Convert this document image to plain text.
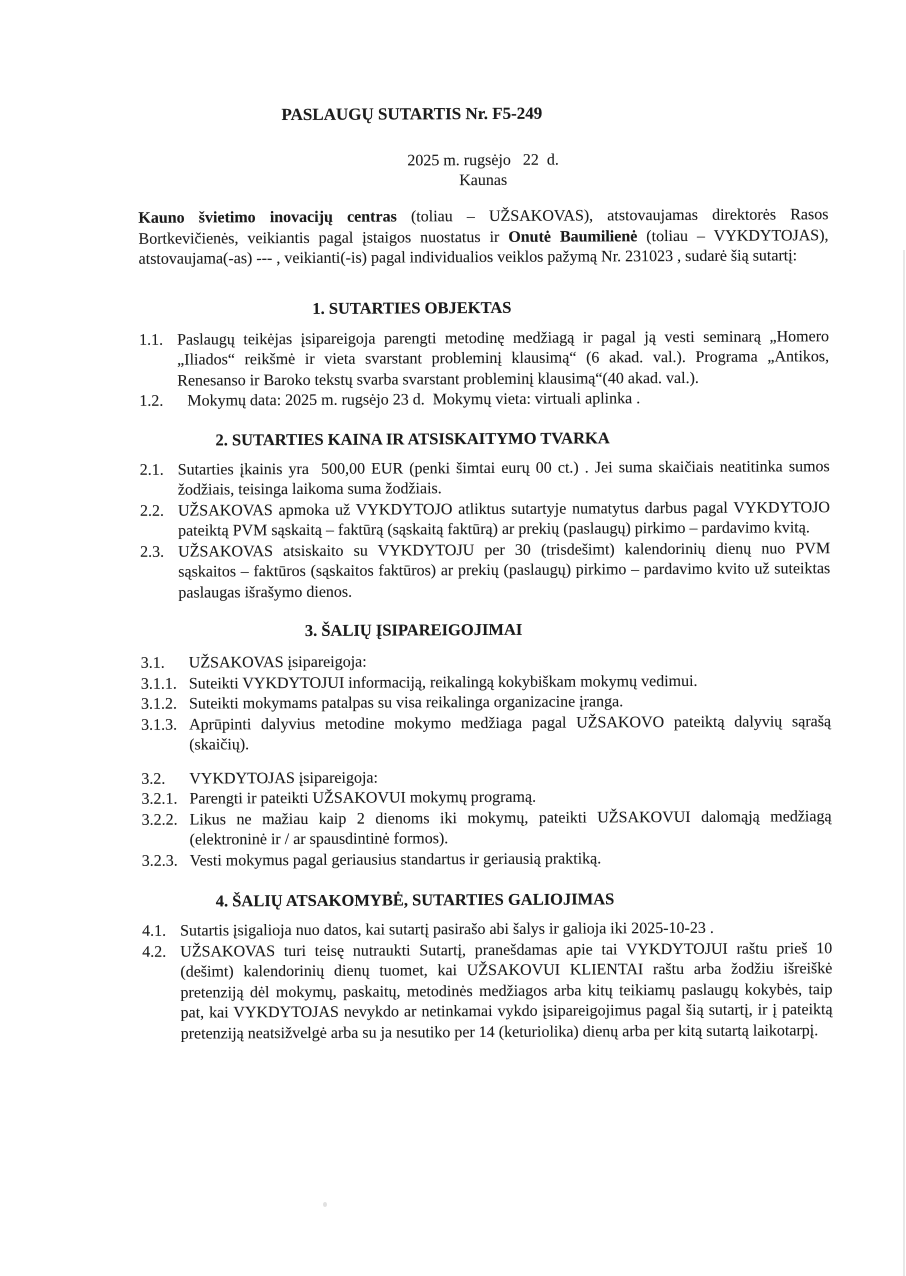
PASLAUGŲ SUTARTIS Nr. F5-249
2025 m. rugsėjo   22  d.
Kaunas

Kauno švietimo inovacijų centras (toliau – UŽSAKOVAS), atstovaujamas direktorės Rasos Bortkevičienės, veikiantis pagal įstaigos nuostatus ir Onutė Baumilienė (toliau – VYKDYTOJAS), atstovaujama(-as) --- , veikianti(-is) pagal individualios veiklos pažymą Nr. 231023 , sudarė šią sutartį:

1. SUTARTIES OBJEKTAS
1.1. Paslaugų teikėjas įsipareigoja parengti metodinę medžiagą ir pagal ją vesti seminarą „Homero „Iliados“ reikšmė ir vieta svarstant probleminį klausimą“ (6 akad. val.). Programa „Antikos, Renesanso ir Baroko tekstų svarba svarstant probleminį klausimą“(40 akad. val.).
1.2. Mokymų data: 2025 m. rugsėjo 23 d.  Mokymų vieta: virtuali aplinka .
2. SUTARTIES KAINA IR ATSISKAITYMO TVARKA
2.1. Sutarties įkainis yra  500,00 EUR (penki šimtai eurų 00 ct.) . Jei suma skaičiais neatitinka sumos žodžiais, teisinga laikoma suma žodžiais.
2.2. UŽSAKOVAS apmoka už VYKDYTOJO atliktus sutartyje numatytus darbus pagal VYKDYTOJO pateiktą PVM sąskaitą – faktūrą (sąskaitą faktūrą) ar prekių (paslaugų) pirkimo – pardavimo kvitą.
2.3. UŽSAKOVAS atsiskaito su VYKDYTOJU per 30 (trisdešimt) kalendorinių dienų nuo PVM sąskaitos – faktūros (sąskaitos faktūros) ar prekių (paslaugų) pirkimo – pardavimo kvito už suteiktas paslaugas išrašymo dienos.
3. ŠALIŲ ĮSIPAREIGOJIMAI
3.1. UŽSAKOVAS įsipareigoja:
3.1.1. Suteikti VYKDYTOJUI informaciją, reikalingą kokybiškam mokymų vedimui.
3.1.2. Suteikti mokymams patalpas su visa reikalinga organizacine įranga.
3.1.3. Aprūpinti dalyvius metodine mokymo medžiaga pagal UŽSAKOVO pateiktą dalyvių sąrašą (skaičių).
3.2. VYKDYTOJAS įsipareigoja:
3.2.1. Parengti ir pateikti UŽSAKOVUI mokymų programą.
3.2.2. Likus ne mažiau kaip 2 dienoms iki mokymų, pateikti UŽSAKOVUI dalomąją medžiagą (elektroninė ir / ar spausdintinė formos).
3.2.3. Vesti mokymus pagal geriausius standartus ir geriausią praktiką.
4. ŠALIŲ ATSAKOMYBĖ, SUTARTIES GALIOJIMAS
4.1. Sutartis įsigalioja nuo datos, kai sutartį pasirašo abi šalys ir galioja iki 2025-10-23 .
4.2. UŽSAKOVAS turi teisę nutraukti Sutartį, pranešdamas apie tai VYKDYTOJUI raštu prieš 10 (dešimt) kalendorinių dienų tuomet, kai UŽSAKOVUI KLIENTAI raštu arba žodžiu išreiškė pretenziją dėl mokymų, paskaitų, metodinės medžiagos arba kitų teikiamų paslaugų kokybės, taip pat, kai VYKDYTOJAS nevykdo ar netinkamai vykdo įsipareigojimus pagal šią sutartį, ir į pateiktą pretenziją neatsižvelgė arba su ja nesutiko per 14 (keturiolika) dienų arba per kitą sutartą laikotarpį.
